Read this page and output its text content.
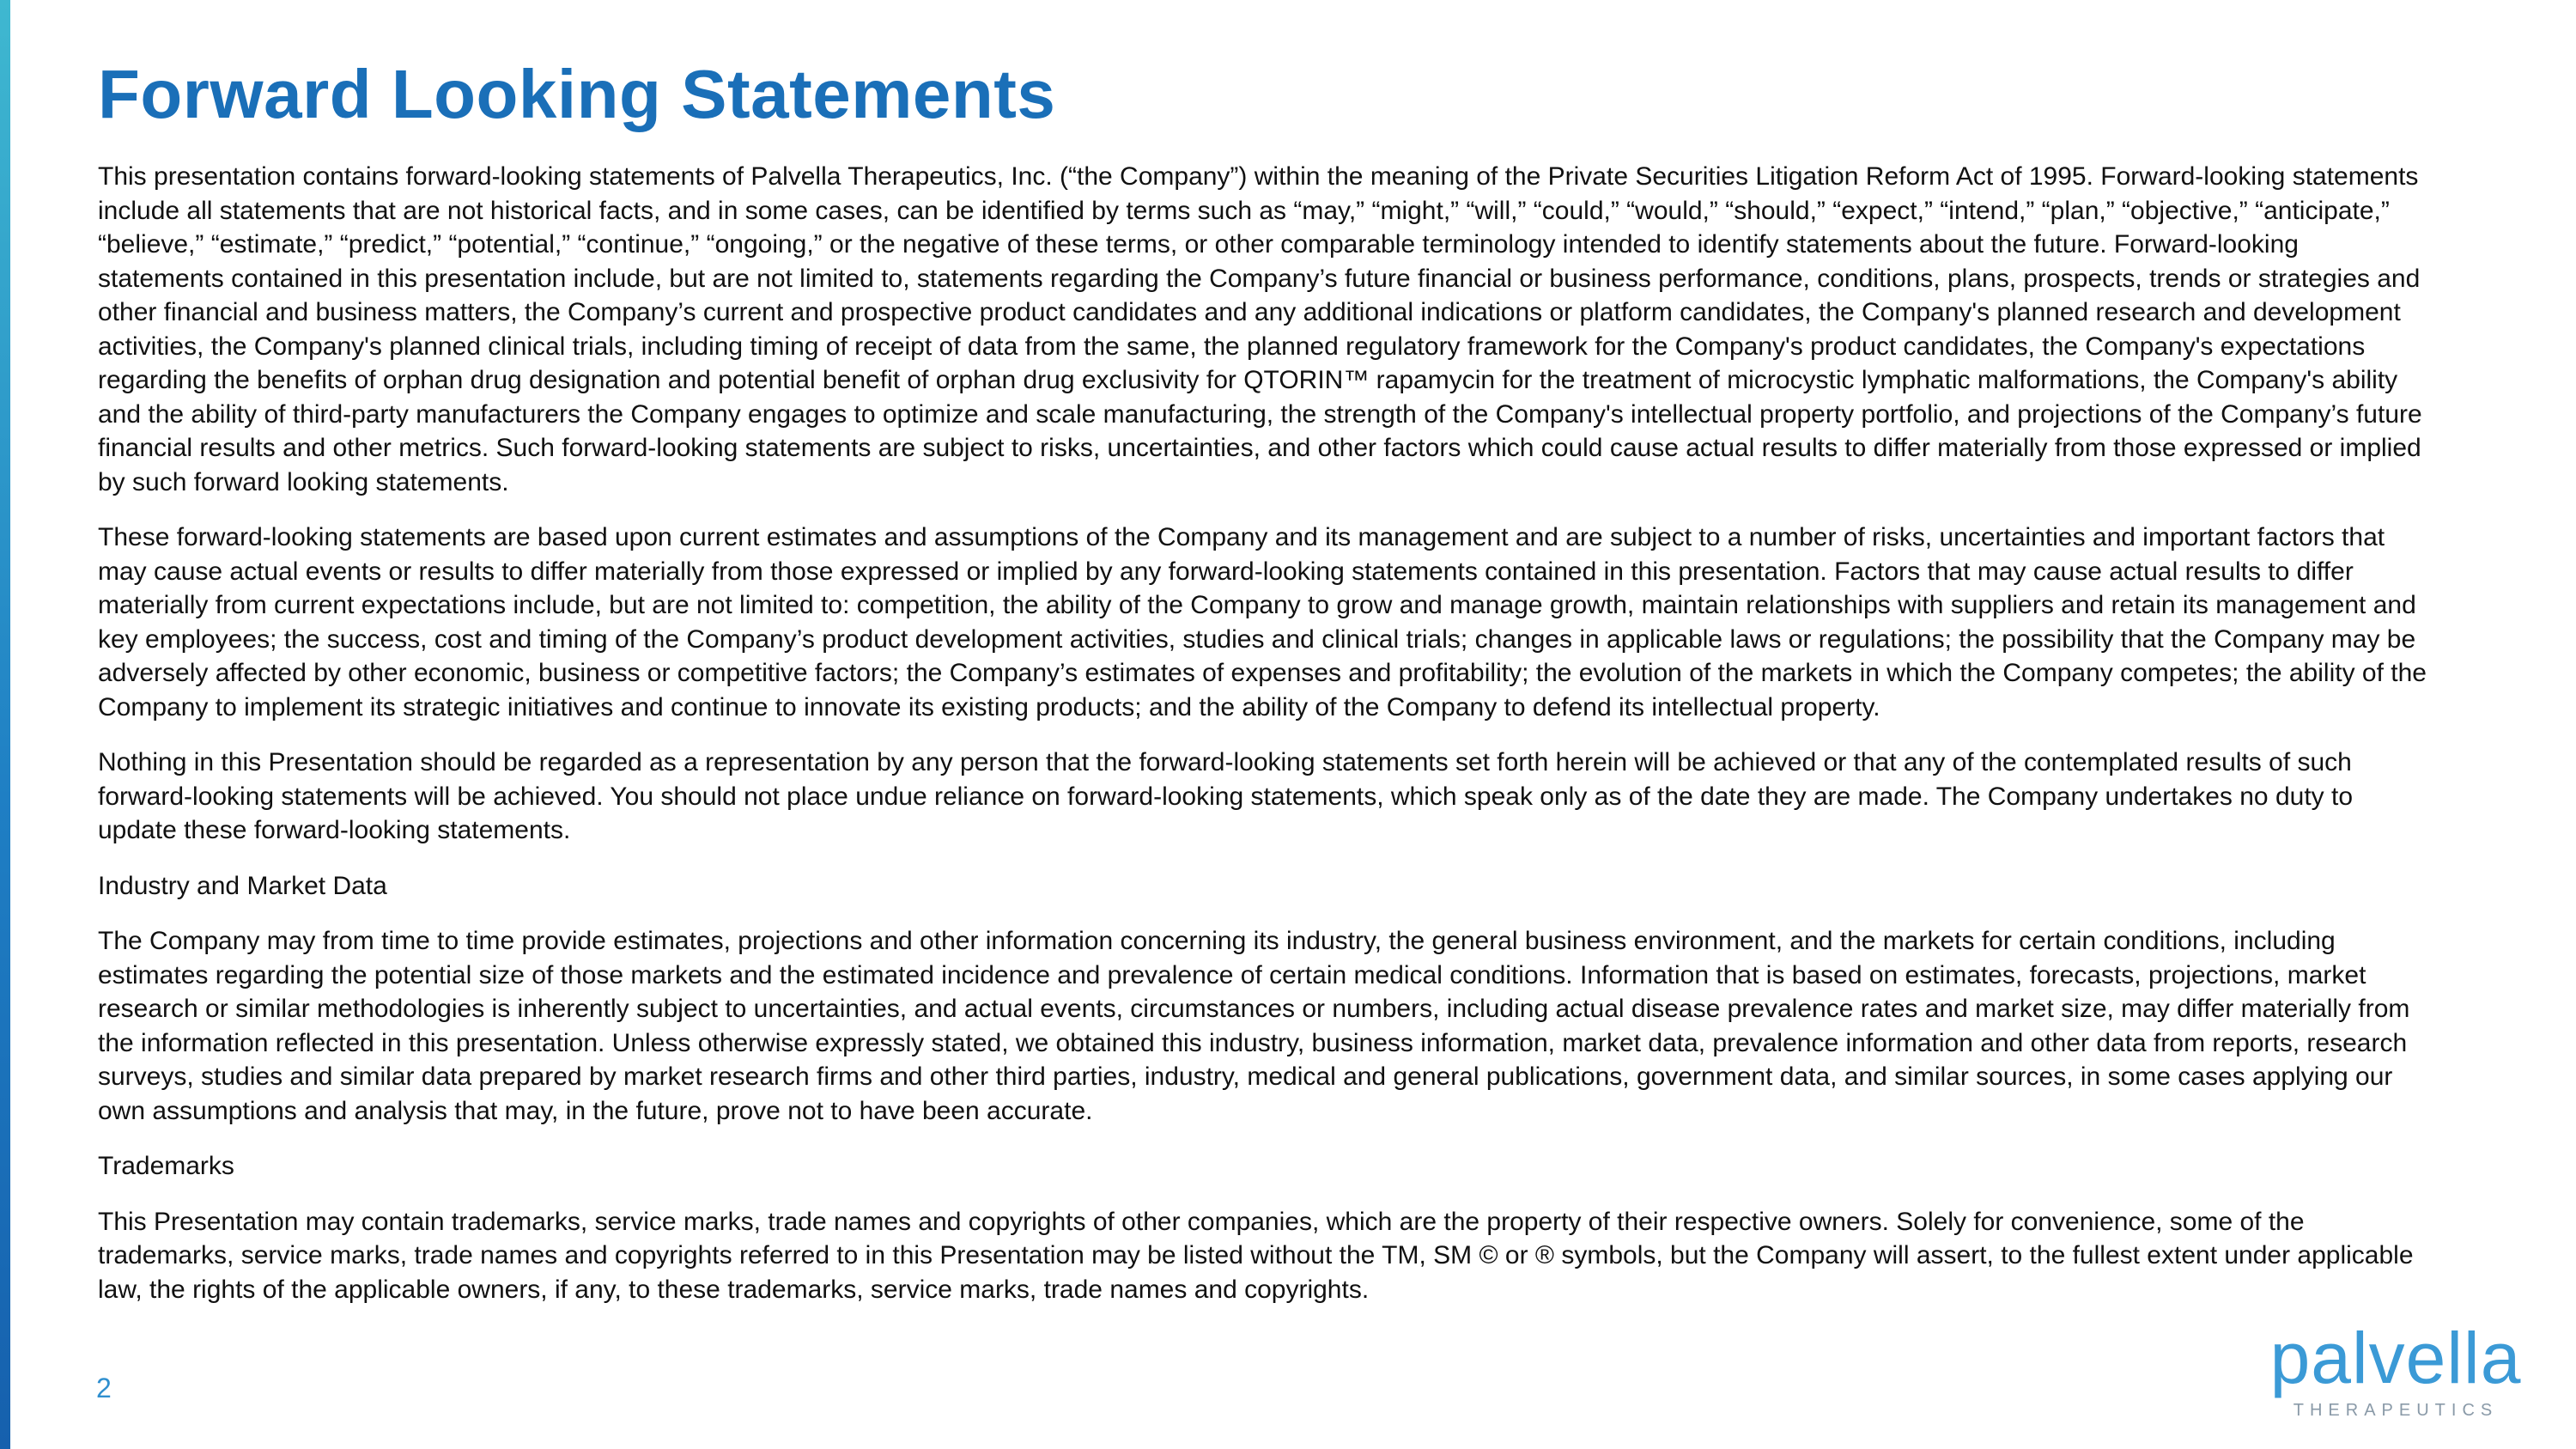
Forward Looking Statements

This presentation contains forward-looking statements of Palvella Therapeutics, Inc. (“the Company”) within the meaning of the Private Securities Litigation Reform Act of 1995. Forward-looking statements include all statements that are not historical facts, and in some cases, can be identified by terms such as “may,” “might,” “will,” “could,” “would,” “should,” “expect,” “intend,” “plan,” “objective,” “anticipate,” “believe,” “estimate,” “predict,” “potential,” “continue,” “ongoing,” or the negative of these terms, or other comparable terminology intended to identify statements about the future. Forward-looking statements contained in this presentation include, but are not limited to, statements regarding the Company’s future financial or business performance, conditions, plans, prospects, trends or strategies and other financial and business matters, the Company’s current and prospective product candidates and any additional indications or platform candidates, the Company's planned research and development activities, the Company's planned clinical trials, including timing of receipt of data from the same, the planned regulatory framework for the Company's product candidates, the Company's expectations regarding the benefits of orphan drug designation and potential benefit of orphan drug exclusivity for QTORIN™ rapamycin for the treatment of microcystic lymphatic malformations, the Company's ability and the ability of third-party manufacturers the Company engages to optimize and scale manufacturing, the strength of the Company's intellectual property portfolio, and projections of the Company’s future financial results and other metrics. Such forward-looking statements are subject to risks, uncertainties, and other factors which could cause actual results to differ materially from those expressed or implied by such forward looking statements.

These forward-looking statements are based upon current estimates and assumptions of the Company and its management and are subject to a number of risks, uncertainties and important factors that may cause actual events or results to differ materially from those expressed or implied by any forward-looking statements contained in this presentation. Factors that may cause actual results to differ materially from current expectations include, but are not limited to: competition, the ability of the Company to grow and manage growth, maintain relationships with suppliers and retain its management and key employees; the success, cost and timing of the Company’s product development activities, studies and clinical trials; changes in applicable laws or regulations; the possibility that the Company may be adversely affected by other economic, business or competitive factors; the Company’s estimates of expenses and profitability; the evolution of the markets in which the Company competes; the ability of the Company to implement its strategic initiatives and continue to innovate its existing products; and the ability of the Company to defend its intellectual property.

Nothing in this Presentation should be regarded as a representation by any person that the forward-looking statements set forth herein will be achieved or that any of the contemplated results of such forward-looking statements will be achieved. You should not place undue reliance on forward-looking statements, which speak only as of the date they are made. The Company undertakes no duty to update these forward-looking statements.

Industry and Market Data

The Company may from time to time provide estimates, projections and other information concerning its industry, the general business environment, and the markets for certain conditions, including estimates regarding the potential size of those markets and the estimated incidence and prevalence of certain medical conditions. Information that is based on estimates, forecasts, projections, market research or similar methodologies is inherently subject to uncertainties, and actual events, circumstances or numbers, including actual disease prevalence rates and market size, may differ materially from the information reflected in this presentation. Unless otherwise expressly stated, we obtained this industry, business information, market data, prevalence information and other data from reports, research surveys, studies and similar data prepared by market research firms and other third parties, industry, medical and general publications, government data, and similar sources, in some cases applying our own assumptions and analysis that may, in the future, prove not to have been accurate.

Trademarks

This Presentation may contain trademarks, service marks, trade names and copyrights of other companies, which are the property of their respective owners. Solely for convenience, some of the trademarks, service marks, trade names and copyrights referred to in this Presentation may be listed without the TM, SM © or ® symbols, but the Company will assert, to the fullest extent under applicable law, the rights of the applicable owners, if any, to these trademarks, service marks, trade names and copyrights.

2	palvella
THERAPEUTICS
